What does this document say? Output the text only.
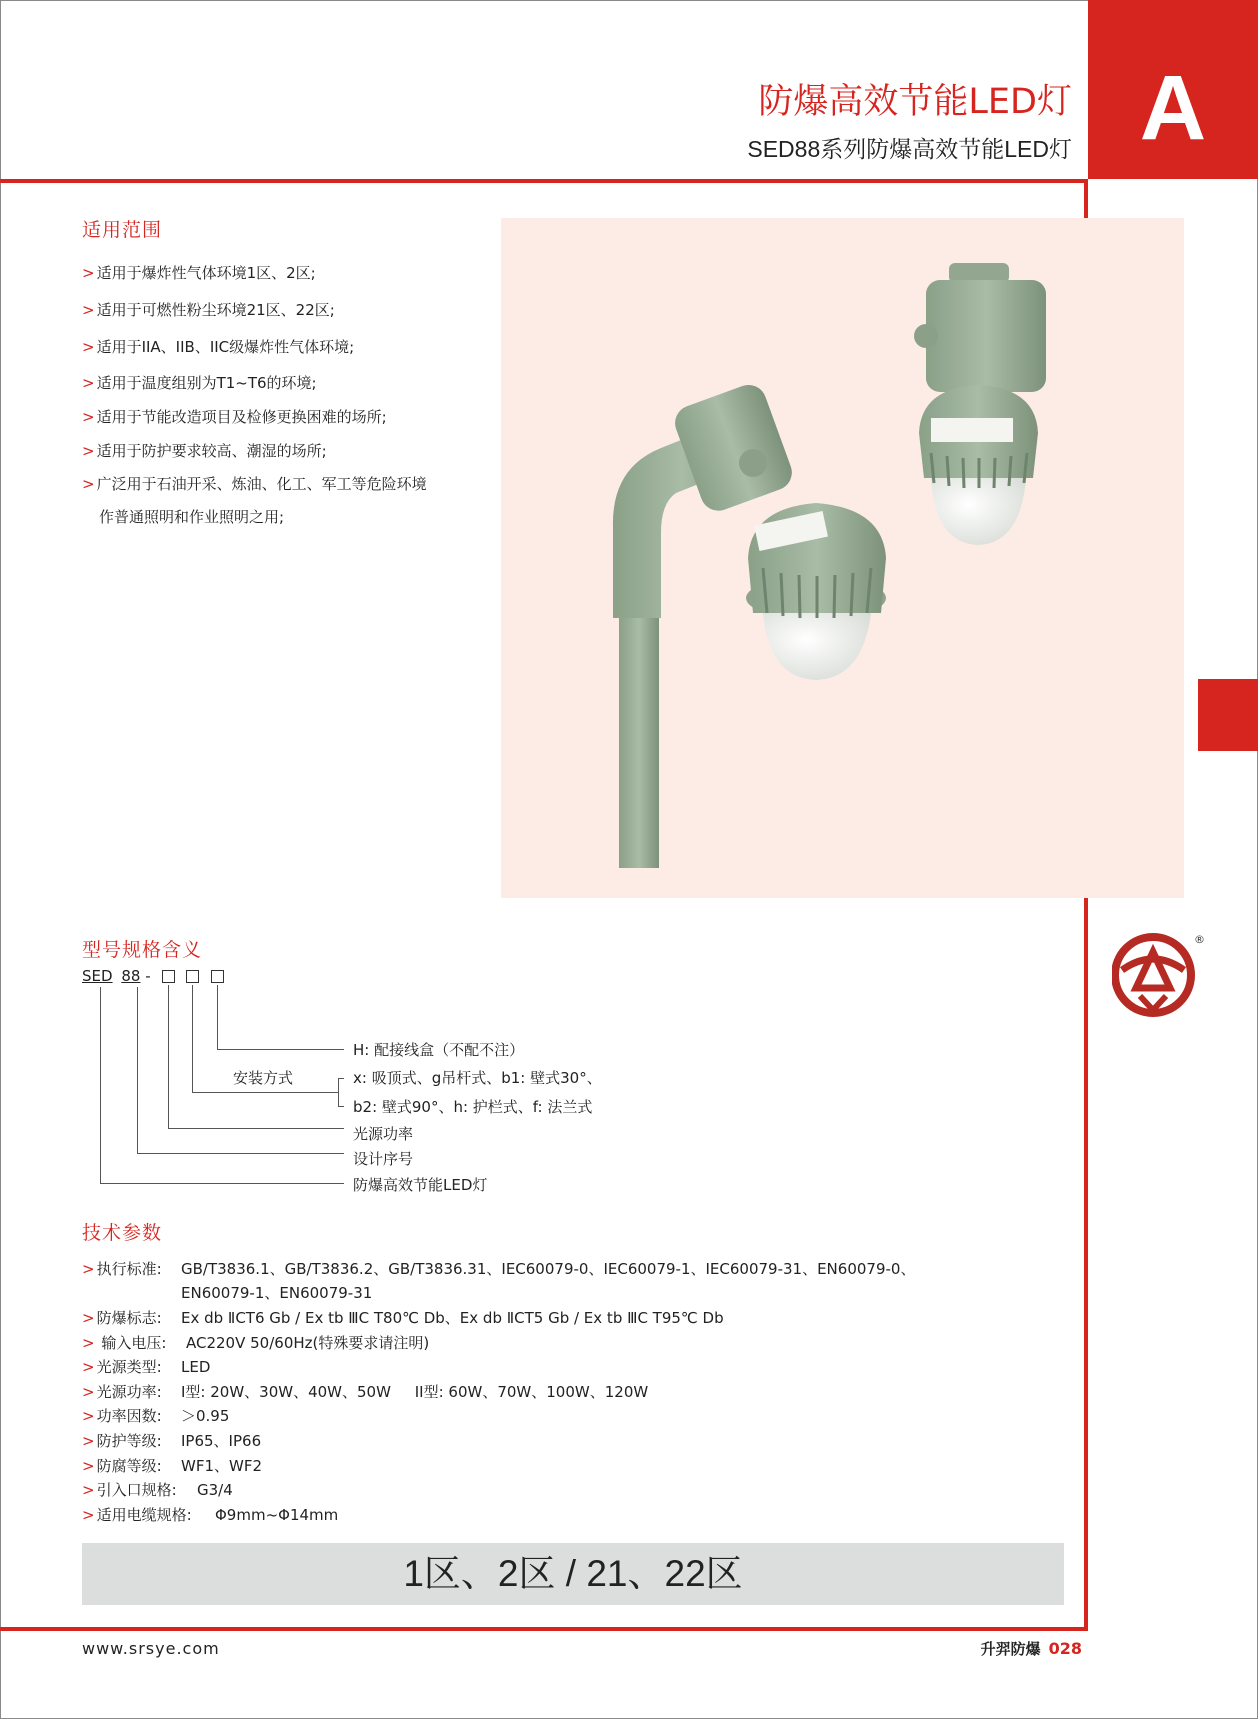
A
防爆高效节能LED灯
SED88系列防爆高效节能LED灯
适用范围
> 适用于爆炸性气体环境1区、2区;
> 适用于可燃性粉尘环境21区、22区;
> 适用于IIA、IIB、IIC级爆炸性气体环境;
> 适用于温度组别为T1~T6的环境;
> 适用于节能改造项目及检修更换困难的场所;
> 适用于防护要求较高、潮湿的场所;
> 广泛用于石油开采、炼油、化工、军工等危险环境
作普通照明和作业照明之用;
型号规格含义
SED 88 -
H: 配接线盒（不配不注）
安装方式	x: 吸顶式、g吊杆式、b1: 壁式30°、
b2: 壁式90°、h: 护栏式、f: 法兰式
光源功率
设计序号
防爆高效节能LED灯
技术参数
> 执行标准: GB/T3836.1、GB/T3836.2、GB/T3836.31、IEC60079-0、IEC60079-1、IEC60079-31、EN60079-0、
EN60079-1、EN60079-31
> 防爆标志: Ex db ⅡCT6 Gb / Ex tb ⅢC T80℃ Db、Ex db ⅡCT5 Gb / Ex tb ⅢC T95℃ Db
> 输入电压: AC220V 50/60Hz(特殊要求请注明)
> 光源类型: LED
> 光源功率: I型: 20W、30W、40W、50W     II型: 60W、70W、100W、120W
> 功率因数: ＞0.95
> 防护等级: IP65、IP66
> 防腐等级: WF1、WF2
> 引入口规格: G3/4
> 适用电缆规格: Φ9mm~Φ14mm
1区、2区 / 21、22区
®
www.srsye.com	升羿防爆 028
